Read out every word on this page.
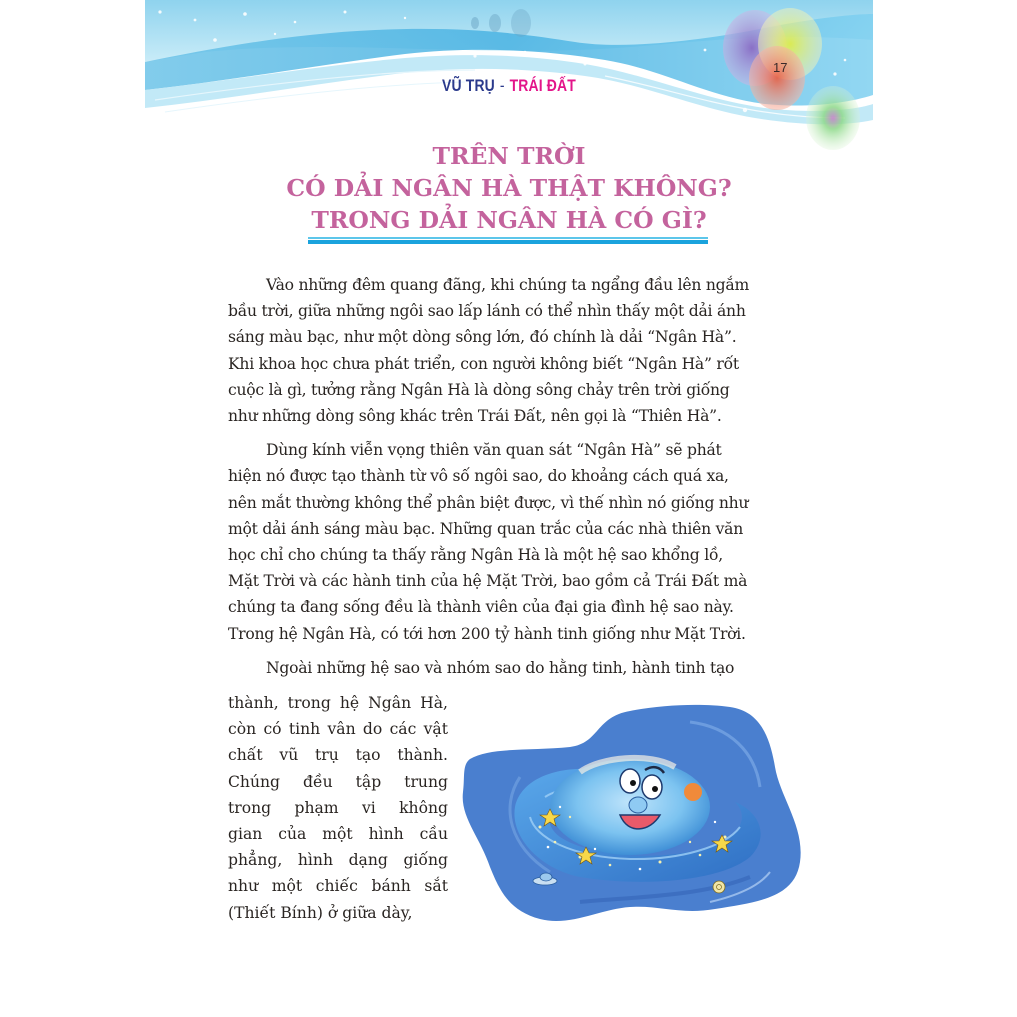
17
VŨ TRỤ - TRÁI ĐẤT
TRÊN TRỜI
CÓ DẢI NGÂN HÀ THẬT KHÔNG?
TRONG DẢI NGÂN HÀ CÓ GÌ?
Vào những đêm quang đãng, khi chúng ta ngẩng đầu lên ngắm
bầu trời, giữa những ngôi sao lấp lánh có thể nhìn thấy một dải ánh
sáng màu bạc, như một dòng sông lớn, đó chính là dải “Ngân Hà”.
Khi khoa học chưa phát triển, con người không biết “Ngân Hà” rốt
cuộc là gì, tưởng rằng Ngân Hà là dòng sông chảy trên trời giống
như những dòng sông khác trên Trái Đất, nên gọi là “Thiên Hà”.
Dùng kính viễn vọng thiên văn quan sát “Ngân Hà” sẽ phát
hiện nó được tạo thành từ vô số ngôi sao, do khoảng cách quá xa,
nên mắt thường không thể phân biệt được, vì thế nhìn nó giống như
một dải ánh sáng màu bạc. Những quan trắc của các nhà thiên văn
học chỉ cho chúng ta thấy rằng Ngân Hà là một hệ sao khổng lồ,
Mặt Trời và các hành tinh của hệ Mặt Trời, bao gồm cả Trái Đất mà
chúng ta đang sống đều là thành viên của đại gia đình hệ sao này.
Trong hệ Ngân Hà, có tới hơn 200 tỷ hành tinh giống như Mặt Trời.
Ngoài những hệ sao và nhóm sao do hằng tinh, hành tinh tạo
thành, trong hệ Ngân Hà,
còn có tinh vân do các vật
chất vũ trụ tạo thành.
Chúng đều tập trung
trong phạm vi không
gian của một hình cầu
phẳng, hình dạng giống
như một chiếc bánh sắt
(Thiết Bính) ở giữa dày,
